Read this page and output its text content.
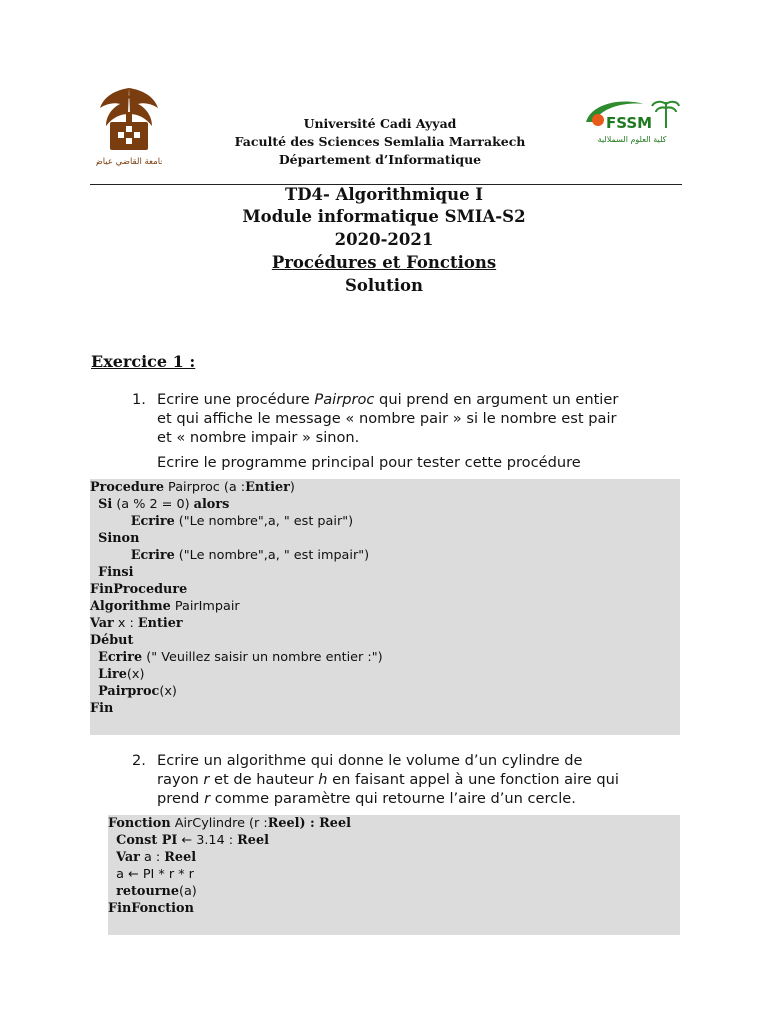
جامعة القاضي عياض
FSSM
كلية العلوم السملالية
Université Cadi Ayyad
Faculté des Sciences Semlalia Marrakech
Département d’Informatique
TD4- Algorithmique I
Module informatique SMIA-S2
2020-2021
Procédures et Fonctions
Solution
Exercice 1 :
1. Ecrire une procédure Pairproc qui prend en argument un entier
et qui affiche le message « nombre pair » si le nombre est pair
et « nombre impair » sinon.
Ecrire le programme principal pour tester cette procédure
Procedure Pairproc (a :Entier)
Si (a % 2 = 0) alors
Ecrire ("Le nombre",a, " est pair")
Sinon
Ecrire ("Le nombre",a, " est impair")
Finsi
FinProcedure
Algorithme PairImpair
Var x : Entier
Début
Ecrire (" Veuillez saisir un nombre entier :")
Lire(x)
Pairproc(x)
Fin
2. Ecrire un algorithme qui donne le volume d’un cylindre de
rayon r et de hauteur h en faisant appel à une fonction aire qui
prend r comme paramètre qui retourne l’aire d’un cercle.
Fonction AirCylindre (r :Reel) : Reel
Const PI ← 3.14 : Reel
Var a : Reel
a ← PI * r * r
retourne(a)
FinFonction
